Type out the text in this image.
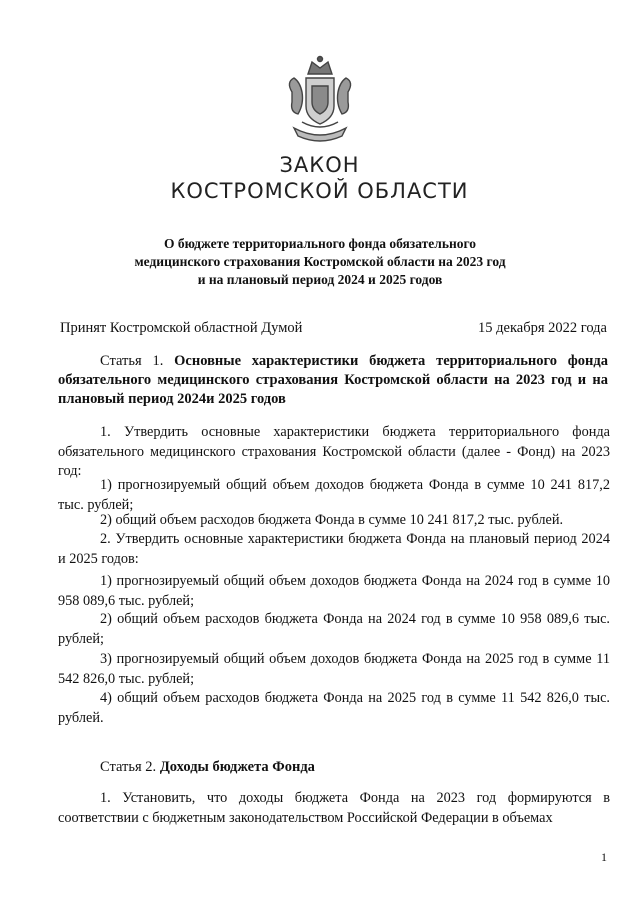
ЗАКОН
КОСТРОМСКОЙ ОБЛАСТИ
О бюджете территориального фонда обязательного
медицинского страхования Костромской области на 2023 год
и на плановый период 2024 и 2025 годов
Принят Костромской областной Думой	15 декабря 2022 года
Статья 1. Основные характеристики бюджета территориального фонда обязательного медицинского страхования Костромской области на 2023 год и на плановый период 2024и 2025 годов
1. Утвердить основные характеристики бюджета территориального фонда обязательного медицинского страхования Костромской области (далее - Фонд) на 2023 год:
1) прогнозируемый общий объем доходов бюджета Фонда в сумме 10 241 817,2 тыс. рублей;
2) общий объем расходов бюджета Фонда в сумме 10 241 817,2 тыс. рублей.
2. Утвердить основные характеристики бюджета Фонда на плановый период 2024 и 2025 годов:
1) прогнозируемый общий объем доходов бюджета Фонда на 2024 год в сумме 10 958 089,6 тыс. рублей;
2) общий объем расходов бюджета Фонда на 2024 год в сумме 10 958 089,6 тыс. рублей;
3) прогнозируемый общий объем доходов бюджета Фонда на 2025 год в сумме 11 542 826,0 тыс. рублей;
4) общий объем расходов бюджета Фонда на 2025 год в сумме 11 542 826,0 тыс. рублей.
Статья 2. Доходы бюджета Фонда
1. Установить, что доходы бюджета Фонда на 2023 год формируются в соответствии с бюджетным законодательством Российской Федерации в объемах
1
